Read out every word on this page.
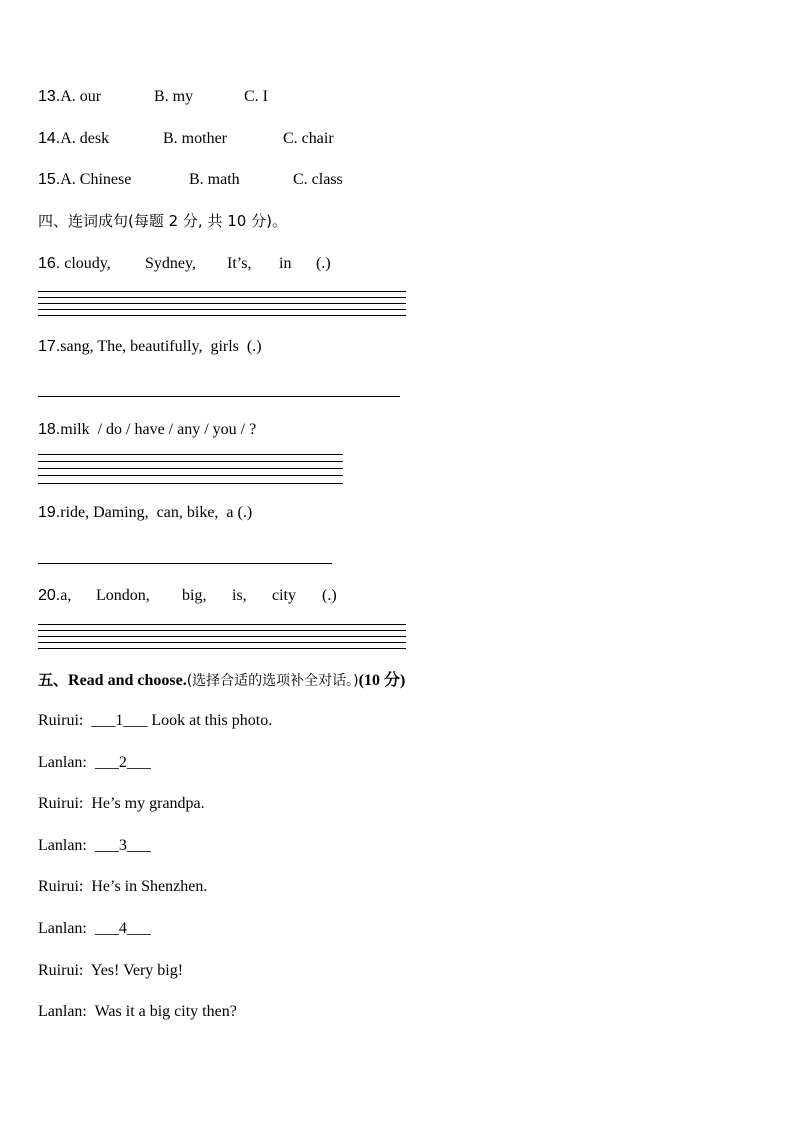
13.A. our	B. my	C. I
14.A. desk	B. mother	C. chair
15.A. Chinese	B. math	C. class
四、连词成句(每题 2 分, 共 10 分)。
16. cloudy, Sydney, It’s, in (.)
17.sang, The, beautifully,  girls  (.)
18.milk  / do / have / any / you / ?
19.ride, Daming,  can, bike,  a (.)
20.a, London, big, is, city (.)
五、Read and choose.(选择合适的选项补全对话。)(10 分)
Ruirui: ___1___ Look at this photo.
Lanlan: ___2___
Ruirui: He’s my grandpa.
Lanlan: ___3___
Ruirui: He’s in Shenzhen.
Lanlan: ___4___
Ruirui: Yes! Very big!
Lanlan: Was it a big city then?
